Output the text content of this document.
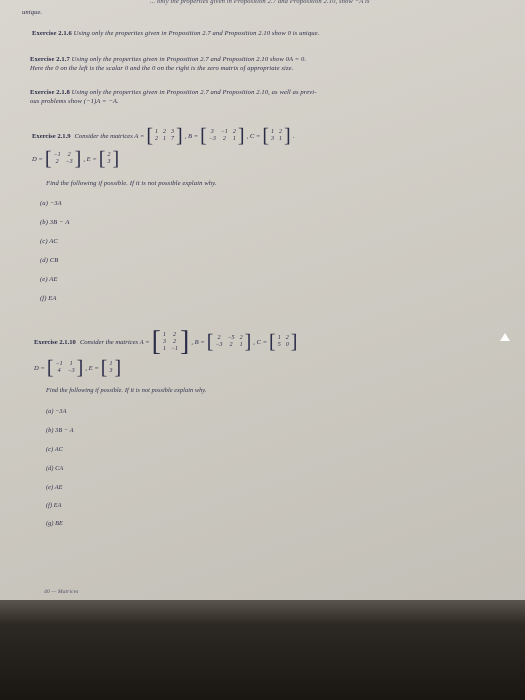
... only the properties given in Proposition 2.7 and Proposition 2.10, show −A is
unique.
Exercise 2.1.6 Using only the properties given in Proposition 2.7 and Proposition 2.10 show 0 is unique.
Exercise 2.1.7 Using only the properties given in Proposition 2.7 and Proposition 2.10 show 0A = 0.
Here the 0 on the left is the scalar 0 and the 0 on the right is the zero matrix of appropriate size.
Exercise 2.1.8 Using only the properties given in Proposition 2.7 and Proposition 2.10, as well as previ-
ous problems show (−1)A = −A.
Exercise 2.1.9 Consider the matrices A = [ 1 2 3
2 1 7 ] , B = [ 3	−1 2
−3	2	1 ] , C = [ 1 2
3 1 ] .
D = [ −1	2
2	−3 ] , E = [ 2
3 ]
Find the following if possible. If it is not possible explain why.
(a) −3A
(b) 3B − A
(c) AC
(d) CB
(e) AE
(f) EA
Exercise 2.1.10 Consider the matrices A = [ 1	2
3	2
1 −1 ] , B = [ 2	−5 2
−3	2	1 ] , C = [ 1 2
5 0 ]
D = [ −1	1
4	−3 ] , E = [ 1
3 ]
Find the following if possible. If it is not possible explain why.
(a) −3A
(b) 3B − A
(c) AC
(d) CA
(e) AE
(f) EA
(g) BE
40 — Matrices
